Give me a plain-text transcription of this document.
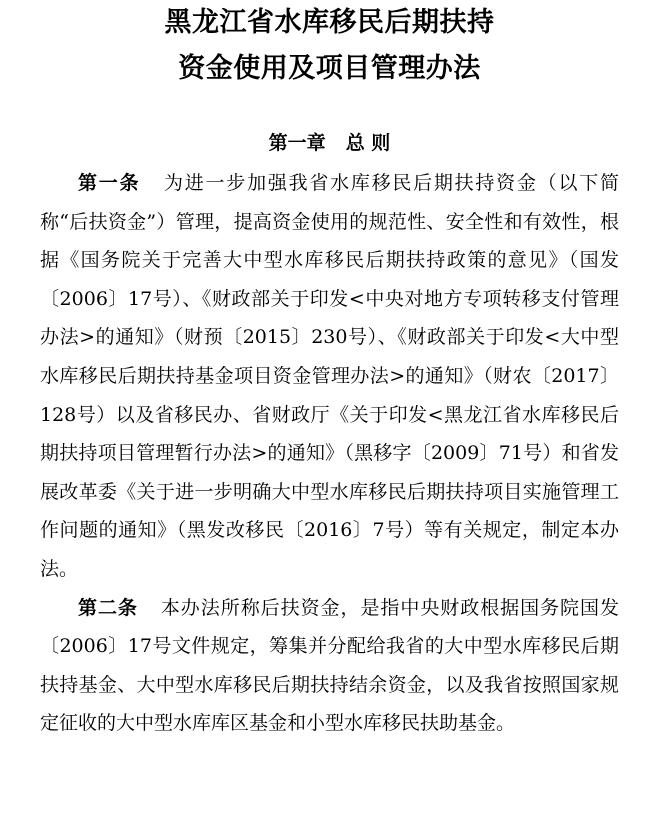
黑龙江省水库移民后期扶持
资金使用及项目管理办法
第一章 总 则

第一条 为进一步加强我省水库移民后期扶持资金（以下简称“后扶资金”）管理，提高资金使用的规范性、安全性和有效性，根据《国务院关于完善大中型水库移民后期扶持政策的意见》（国发〔2006〕17号）、《财政部关于印发<中央对地方专项转移支付管理办法>的通知》（财预〔2015〕230号）、《财政部关于印发<大中型水库移民后期扶持基金项目资金管理办法>的通知》（财农〔2017〕128号）以及省移民办、省财政厅《关于印发<黑龙江省水库移民后期扶持项目管理暂行办法>的通知》（黑移字〔2009〕71号）和省发展改革委《关于进一步明确大中型水库移民后期扶持项目实施管理工作问题的通知》（黑发改移民〔2016〕7号）等有关规定，制定本办法。

第二条 本办法所称后扶资金，是指中央财政根据国务院国发〔2006〕17号文件规定，筹集并分配给我省的大中型水库移民后期扶持基金、大中型水库移民后期扶持结余资金，以及我省按照国家规定征收的大中型水库库区基金和小型水库移民扶助基金。
